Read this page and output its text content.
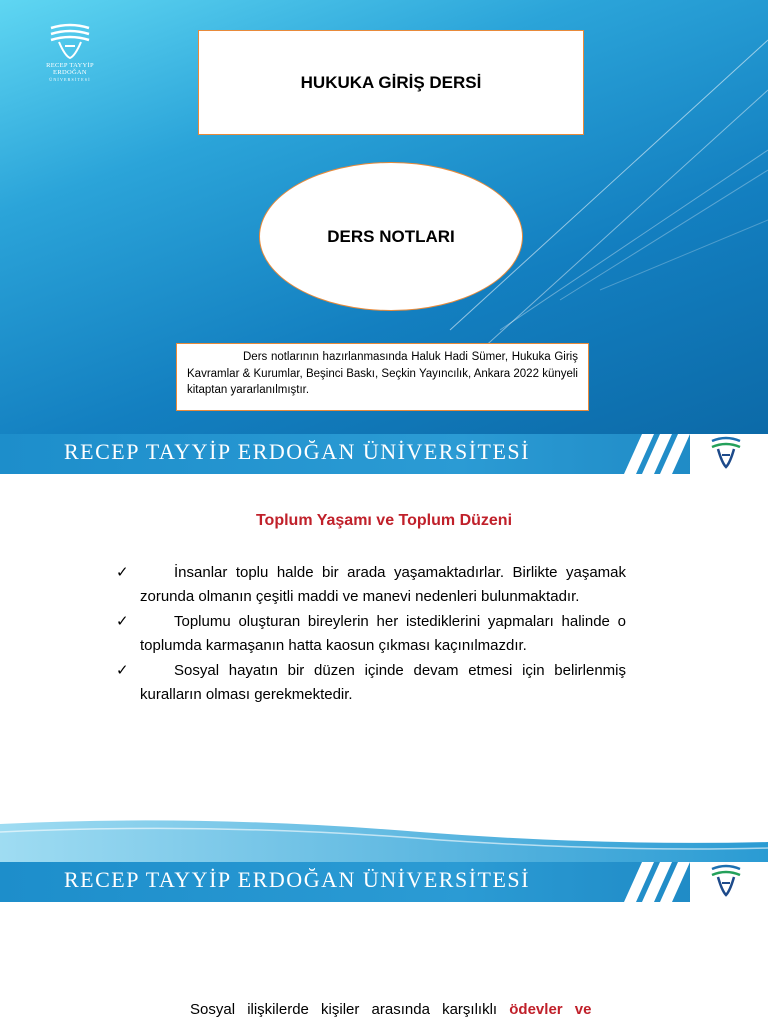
RECEP TAYYİP
ERDOĞAN
ÜNİVERSİTESİ	HUKUKA GİRİŞ DERSİ
DERS NOTLARI
Ders notlarının hazırlanmasında Haluk Hadi Sümer, Hukuka Giriş Kavramlar & Kurumlar, Beşinci Baskı, Seçkin Yayıncılık, Ankara 2022 künyeli kitaptan yararlanılmıştır.
RECEP TAYYİP ERDOĞAN ÜNİVERSİTESİ
Toplum Yaşamı ve Toplum Düzeni
✓	İnsanlar toplu halde bir arada yaşamaktadırlar. Birlikte yaşamak zorunda olmanın çeşitli maddi ve manevi nedenleri bulunmaktadır.
✓	Toplumu oluşturan bireylerin her istediklerini yapmaları halinde o toplumda karmaşanın hatta kaosun çıkması kaçınılmazdır.
✓	Sosyal hayatın bir düzen içinde devam etmesi için belirlenmiş kuralların olması gerekmektedir.
RECEP TAYYİP ERDOĞAN ÜNİVERSİTESİ
Sosyal ilişkilerde kişiler arasında karşılıklı ödevler ve
